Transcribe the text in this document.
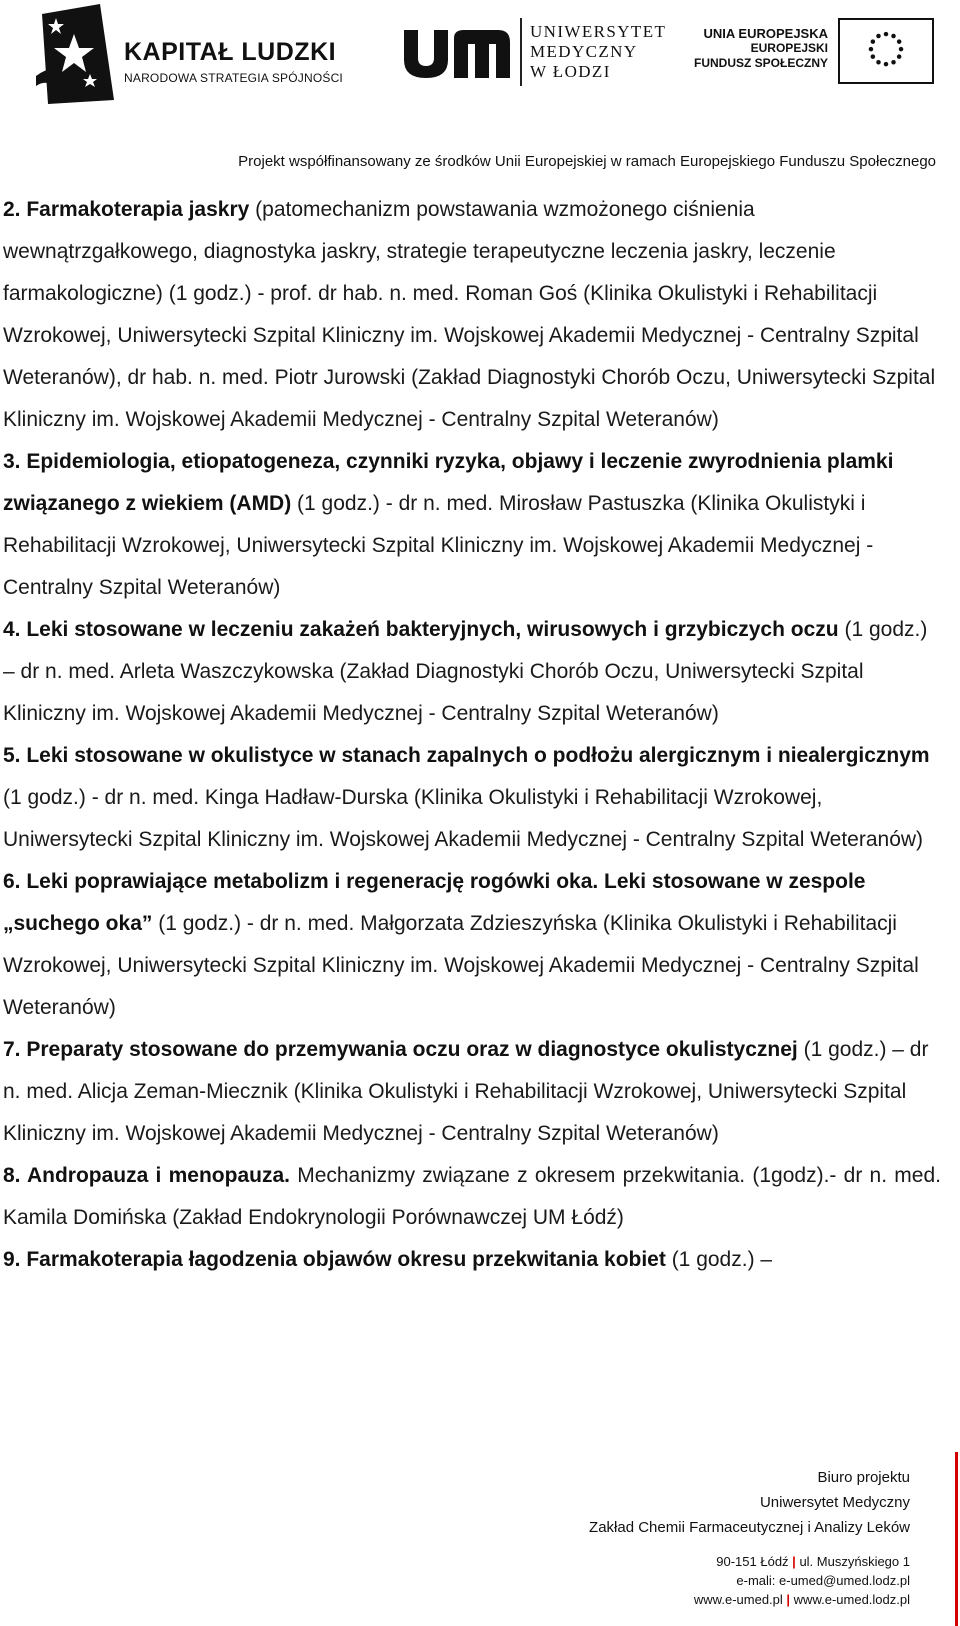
KAPITAŁ LUDZKI
NARODOWA STRATEGIA SPÓJNOŚCI
UNIWERSYTET
MEDYCZNY
W ŁODZI
UNIA EUROPEJSKA
EUROPEJSKI
FUNDUSZ SPOŁECZNY
Projekt współfinansowany ze środków Unii Europejskiej w ramach Europejskiego Funduszu Społecznego

2. Farmakoterapia jaskry (patomechanizm powstawania wzmożonego ciśnienia wewnątrzgałkowego, diagnostyka jaskry, strategie terapeutyczne leczenia jaskry, leczenie farmakologiczne) (1 godz.) - prof. dr hab. n. med. Roman Goś (Klinika Okulistyki i Rehabilitacji Wzrokowej, Uniwersytecki Szpital Kliniczny im. Wojskowej Akademii Medycznej - Centralny Szpital Weteranów), dr hab. n. med. Piotr Jurowski (Zakład Diagnostyki Chorób Oczu, Uniwersytecki Szpital Kliniczny im. Wojskowej Akademii Medycznej - Centralny Szpital Weteranów)

3. Epidemiologia, etiopatogeneza, czynniki ryzyka, objawy i leczenie zwyrodnienia plamki związanego z wiekiem (AMD) (1 godz.) - dr n. med. Mirosław Pastuszka (Klinika Okulistyki i Rehabilitacji Wzrokowej, Uniwersytecki Szpital Kliniczny im. Wojskowej Akademii Medycznej - Centralny Szpital Weteranów)

4. Leki stosowane w leczeniu zakażeń bakteryjnych, wirusowych i grzybiczych oczu (1 godz.) – dr n. med. Arleta Waszczykowska (Zakład Diagnostyki Chorób Oczu, Uniwersytecki Szpital Kliniczny im. Wojskowej Akademii Medycznej - Centralny Szpital Weteranów)

5. Leki stosowane w okulistyce w stanach zapalnych o podłożu alergicznym i niealergicznym (1 godz.) - dr n. med. Kinga Hadław-Durska (Klinika Okulistyki i Rehabilitacji Wzrokowej, Uniwersytecki Szpital Kliniczny im. Wojskowej Akademii Medycznej - Centralny Szpital Weteranów)

6. Leki poprawiające metabolizm i regenerację rogówki oka. Leki stosowane w zespole „suchego oka” (1 godz.) - dr n. med. Małgorzata Zdzieszyńska (Klinika Okulistyki i Rehabilitacji Wzrokowej, Uniwersytecki Szpital Kliniczny im. Wojskowej Akademii Medycznej - Centralny Szpital Weteranów)

7. Preparaty stosowane do przemywania oczu oraz w diagnostyce okulistycznej (1 godz.) – dr n. med. Alicja Zeman-Miecznik (Klinika Okulistyki i Rehabilitacji Wzrokowej, Uniwersytecki Szpital Kliniczny im. Wojskowej Akademii Medycznej - Centralny Szpital Weteranów)

8. Andropauza i menopauza. Mechanizmy związane z okresem przekwitania. (1godz).- dr n. med. Kamila Domińska (Zakład Endokrynologii Porównawczej UM Łódź)

9. Farmakoterapia łagodzenia objawów okresu przekwitania kobiet (1 godz.) –

Biuro projektu
Uniwersytet Medyczny
Zakład Chemii Farmaceutycznej i Analizy Leków
90-151 Łódź | ul. Muszyńskiego 1
e-mali: e-umed@umed.lodz.pl
www.e-umed.pl | www.e-umed.lodz.pl
